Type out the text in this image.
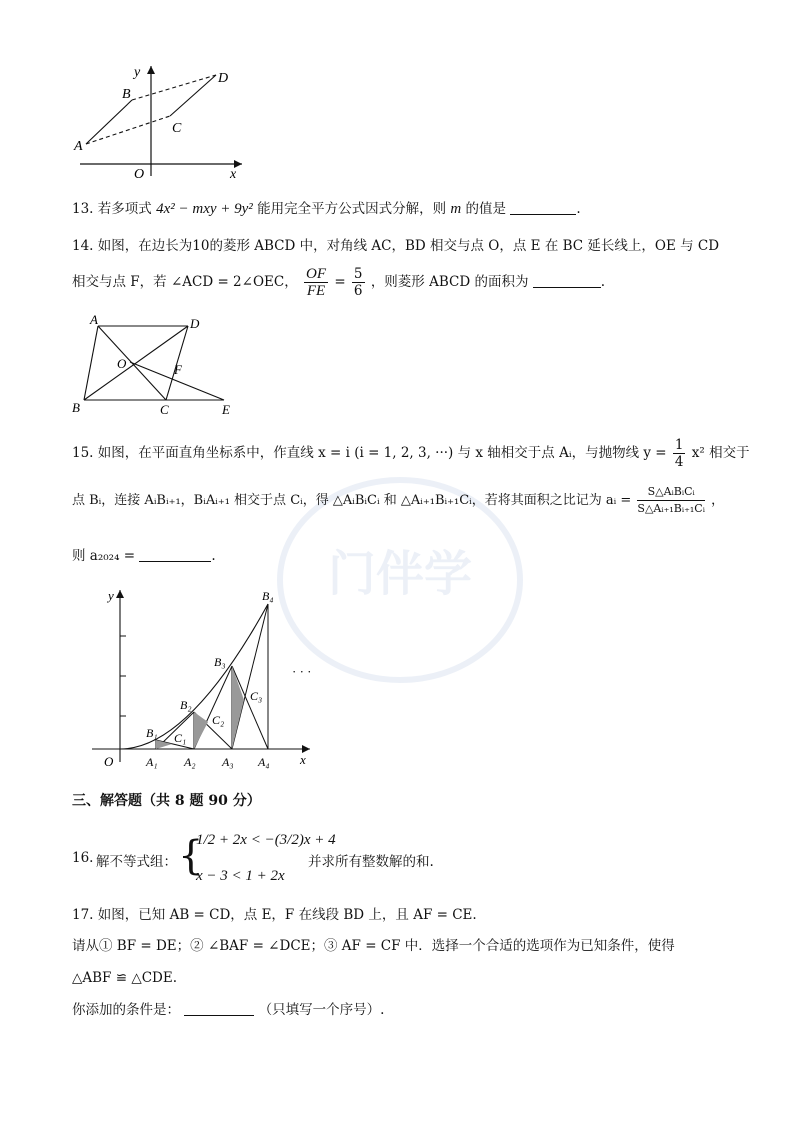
门伴学
y
x
O
A
B
C
D
13. 若多项式 4x² − mxy + 9y² 能用完全平方公式因式分解，则 m 的值是	.
14. 如图，在边长为10的菱形 ABCD 中，对角线 AC，BD 相交与点 O，点 E 在 BC 延长线上，OE 与 CD
相交与点 F，若 ∠ACD = 2∠OEC， $\frac{OF}{FE} = \frac{5}{6}$ ，则菱形 ABCD 的面积为	.
A	D
O	F
B	C	E
15. 如图，在平面直角坐标系中，作直线 x = i (i = 1, 2, 3, ···) 与 x 轴相交于点 Aᵢ，与抛物线 $y = \frac{1}{4} x^2$ 相交于
点 Bᵢ，连接 AᵢBᵢ₊₁，BᵢAᵢ₊₁ 相交于点 Cᵢ，得 △AᵢBᵢCᵢ 和 △Aᵢ₊₁Bᵢ₊₁Cᵢ，若将其面积之比记为 aᵢ = $\frac{\text{S△AᵢBᵢCᵢ}}{\text{S△Aᵢ₊₁Bᵢ₊₁Cᵢ}}$ ，
则 a₂₀₂₄ =	.
y
x
O	A₁ A₂ A₃ A₄
B₁
B₂
B₃
B₄
C₁
C₂
C₃
· · ·
三、解答题（共 8 题 90 分）
16. 解不等式组： {
1/2 + 2x < −(3/2)x + 4
x − 3 < 1 + 2x
并求所有整数解的和.
17. 如图，已知 AB = CD，点 E，F 在线段 BD 上，且 AF = CE.
请从① BF = DE；② ∠BAF = ∠DCE；③ AF = CF 中．选择一个合适的选项作为已知条件，使得
△ABF ≌ △CDE.
你添加的条件是：	（只填写一个序号）.
